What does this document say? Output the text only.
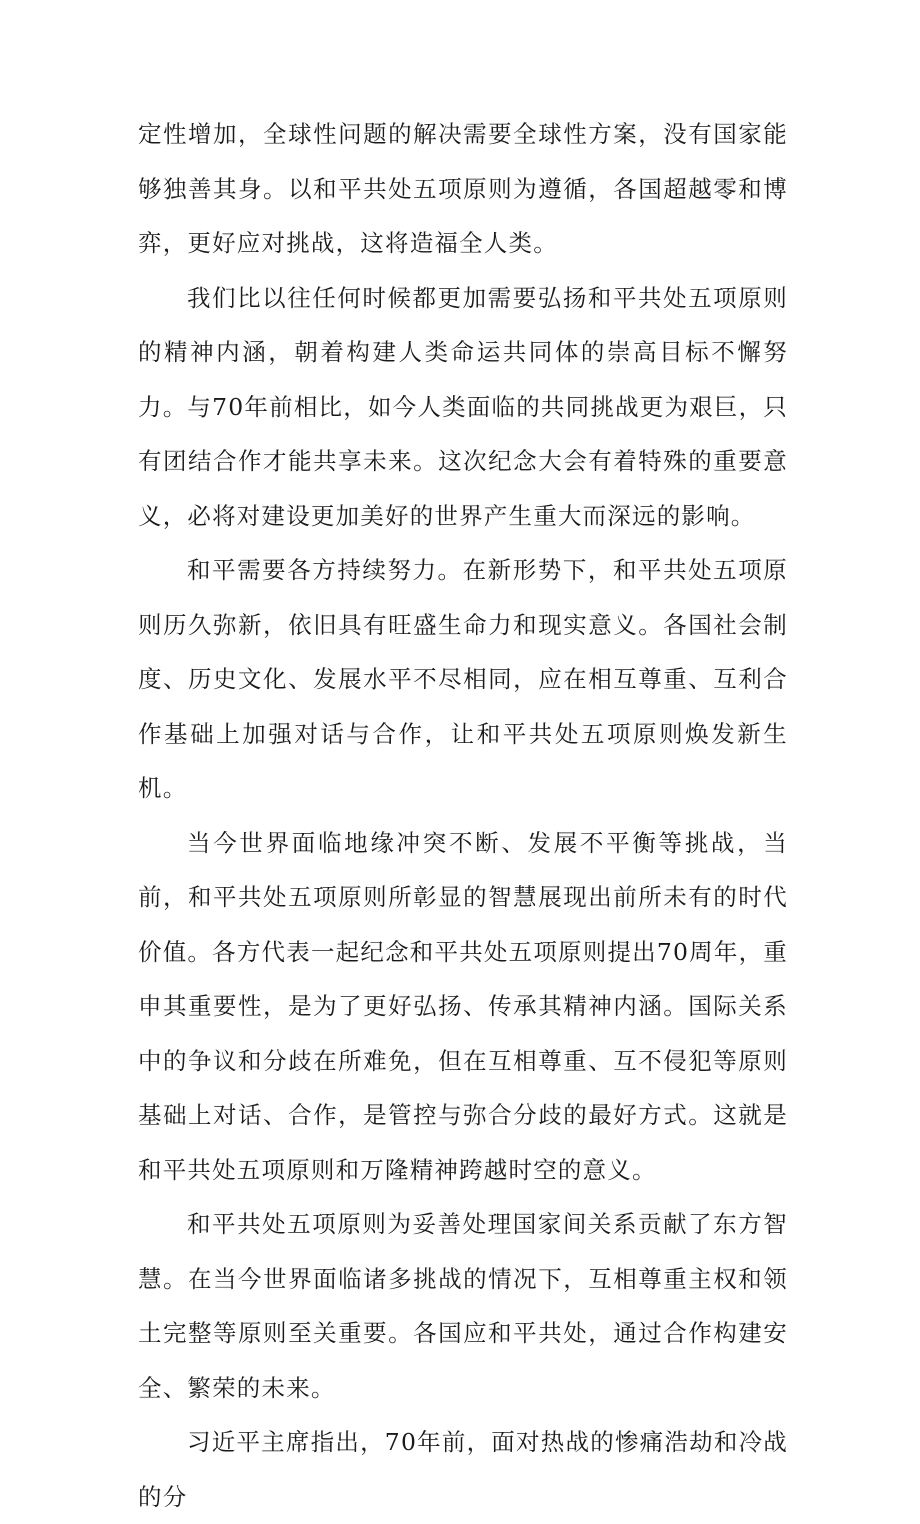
定性增加，全球性问题的解决需要全球性方案，没有国家能够独善其身。以和平共处五项原则为遵循，各国超越零和博弈，更好应对挑战，这将造福全人类。

我们比以往任何时候都更加需要弘扬和平共处五项原则的精神内涵，朝着构建人类命运共同体的崇高目标不懈努力。与70年前相比，如今人类面临的共同挑战更为艰巨，只有团结合作才能共享未来。这次纪念大会有着特殊的重要意义，必将对建设更加美好的世界产生重大而深远的影响。

和平需要各方持续努力。在新形势下，和平共处五项原则历久弥新，依旧具有旺盛生命力和现实意义。各国社会制度、历史文化、发展水平不尽相同，应在相互尊重、互利合作基础上加强对话与合作，让和平共处五项原则焕发新生机。

当今世界面临地缘冲突不断、发展不平衡等挑战，当前，和平共处五项原则所彰显的智慧展现出前所未有的时代价值。各方代表一起纪念和平共处五项原则提出70周年，重申其重要性，是为了更好弘扬、传承其精神内涵。国际关系中的争议和分歧在所难免，但在互相尊重、互不侵犯等原则基础上对话、合作，是管控与弥合分歧的最好方式。这就是和平共处五项原则和万隆精神跨越时空的意义。

和平共处五项原则为妥善处理国家间关系贡献了东方智慧。在当今世界面临诸多挑战的情况下，互相尊重主权和领土完整等原则至关重要。各国应和平共处，通过合作构建安全、繁荣的未来。

习近平主席指出，70年前，面对热战的惨痛浩劫和冷战的分
